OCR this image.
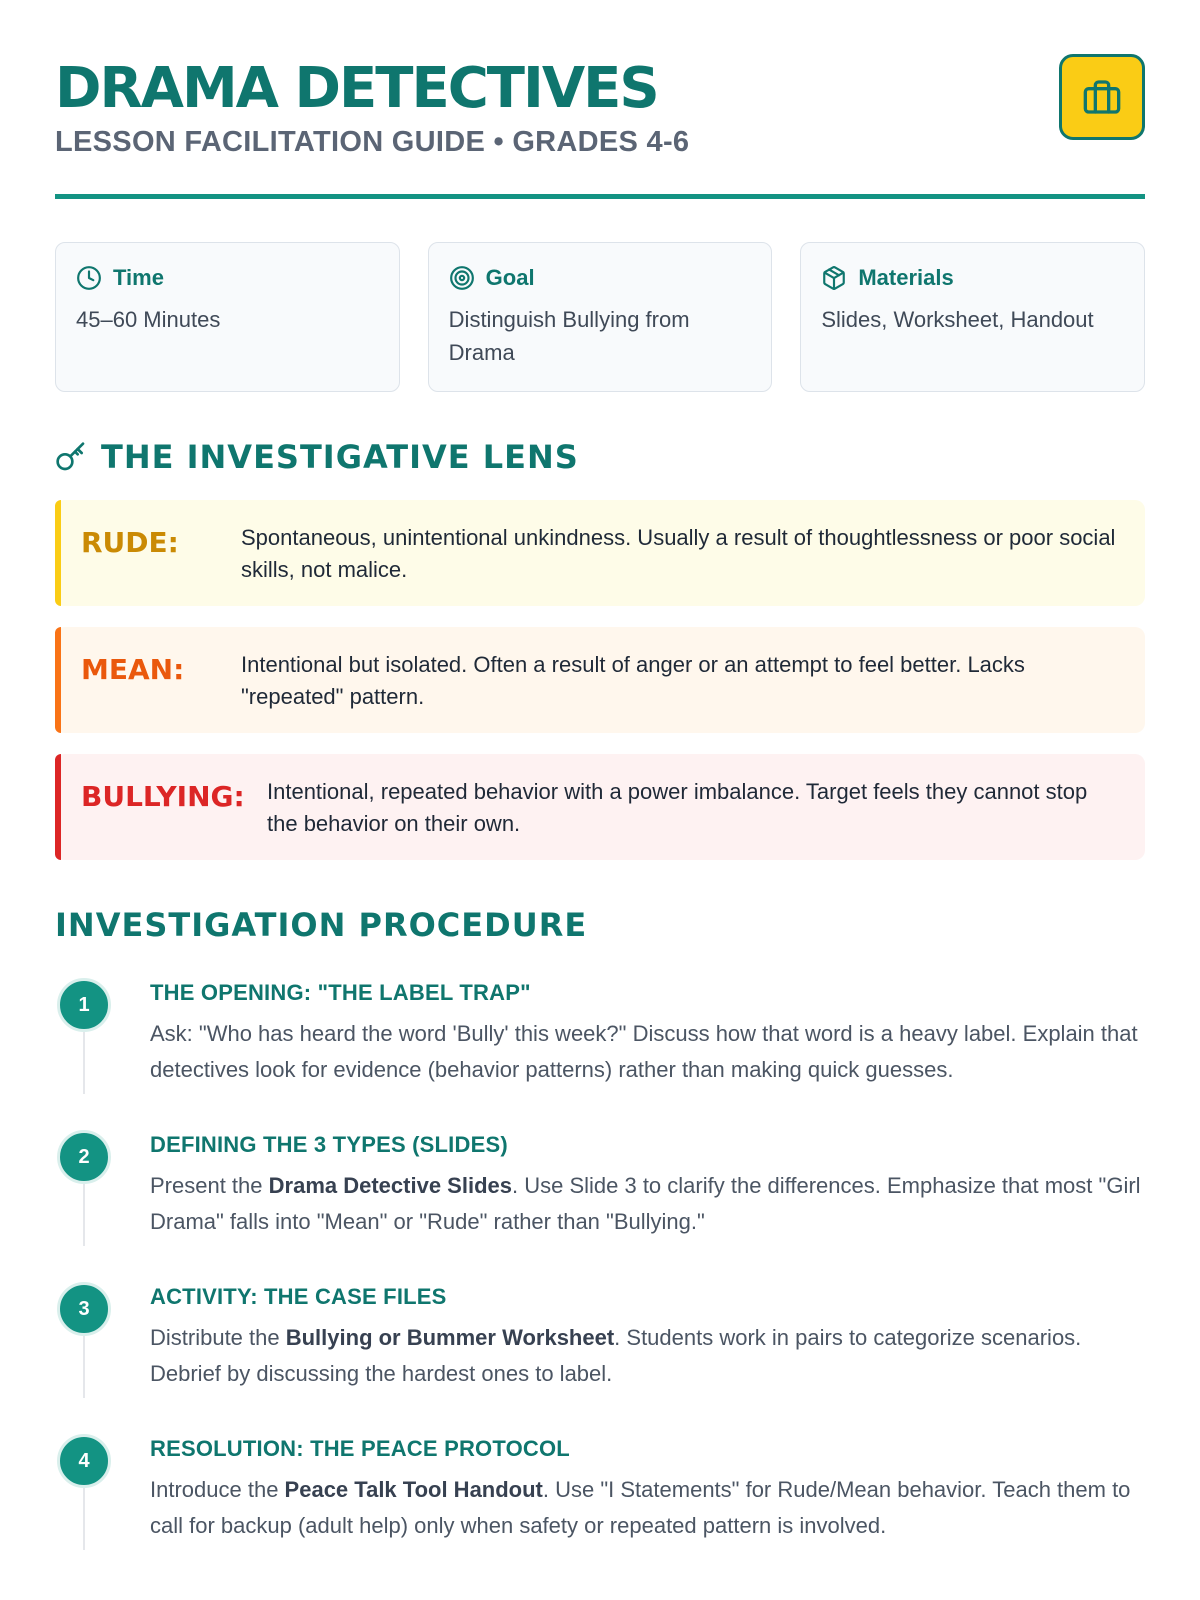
DRAMA DETECTIVES
LESSON FACILITATION GUIDE • GRADES 4-6
Time
45–60 Minutes
Goal
Distinguish Bullying from Drama
Materials
Slides, Worksheet, Handout
THE INVESTIGATIVE LENS
RUDE:	Spontaneous, unintentional unkindness. Usually a result of thoughtlessness or poor social skills, not malice.
MEAN:	Intentional but isolated. Often a result of anger or an attempt to feel better. Lacks "repeated" pattern.
BULLYING:	Intentional, repeated behavior with a power imbalance. Target feels they cannot stop the behavior on their own.
INVESTIGATION PROCEDURE
1	THE OPENING: "THE LABEL TRAP"
Ask: "Who has heard the word 'Bully' this week?" Discuss how that word is a heavy label. Explain that detectives look for evidence (behavior patterns) rather than making quick guesses.
2	DEFINING THE 3 TYPES (SLIDES)
Present the Drama Detective Slides. Use Slide 3 to clarify the differences. Emphasize that most "Girl Drama" falls into "Mean" or "Rude" rather than "Bullying."
3	ACTIVITY: THE CASE FILES
Distribute the Bullying or Bummer Worksheet. Students work in pairs to categorize scenarios. Debrief by discussing the hardest ones to label.
4	RESOLUTION: THE PEACE PROTOCOL
Introduce the Peace Talk Tool Handout. Use "I Statements" for Rude/Mean behavior. Teach them to call for backup (adult help) only when safety or repeated pattern is involved.
